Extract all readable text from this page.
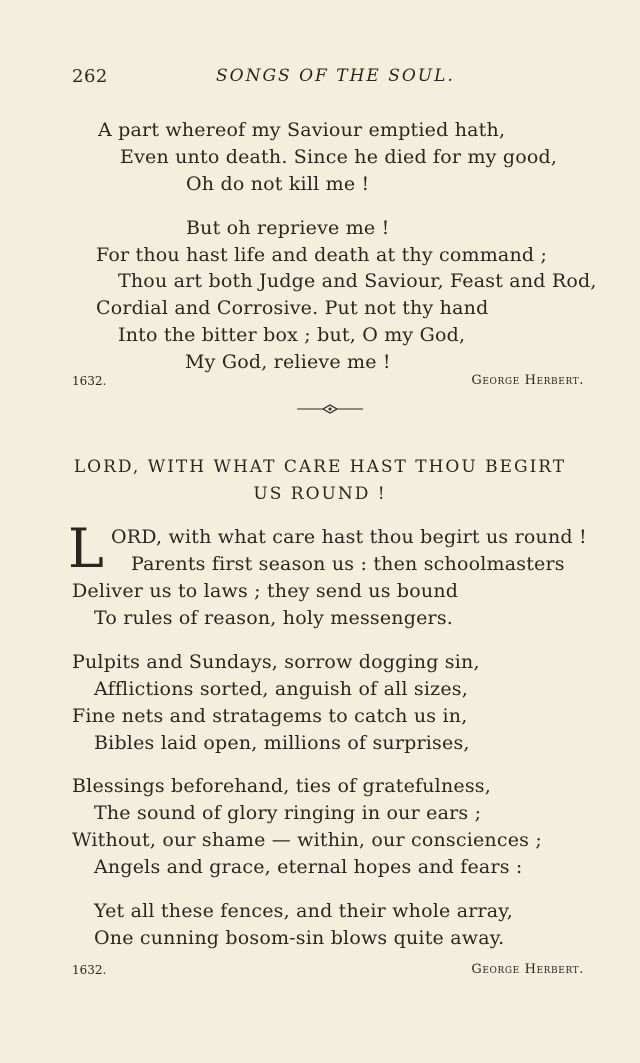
262	SONGS OF THE SOUL.
A part whereof my Saviour emptied hath,
Even unto death. Since he died for my good,
Oh do not kill me !
But oh reprieve me !
For thou hast life and death at thy command ;
Thou art both Judge and Saviour, Feast and Rod,
Cordial and Corrosive. Put not thy hand
Into the bitter box ; but, O my God,
My God, relieve me !
1632.	George Herbert.
LORD, WITH WHAT CARE HAST THOU BEGIRT
US ROUND !
L ORD, with what care hast thou begirt us round !
Parents first season us : then schoolmasters
Deliver us to laws ; they send us bound
To rules of reason, holy messengers.
Pulpits and Sundays, sorrow dogging sin,
Afflictions sorted, anguish of all sizes,
Fine nets and stratagems to catch us in,
Bibles laid open, millions of surprises,
Blessings beforehand, ties of gratefulness,
The sound of glory ringing in our ears ;
Without, our shame — within, our consciences ;
Angels and grace, eternal hopes and fears :
Yet all these fences, and their whole array,
One cunning bosom-sin blows quite away.
1632.	George Herbert.
